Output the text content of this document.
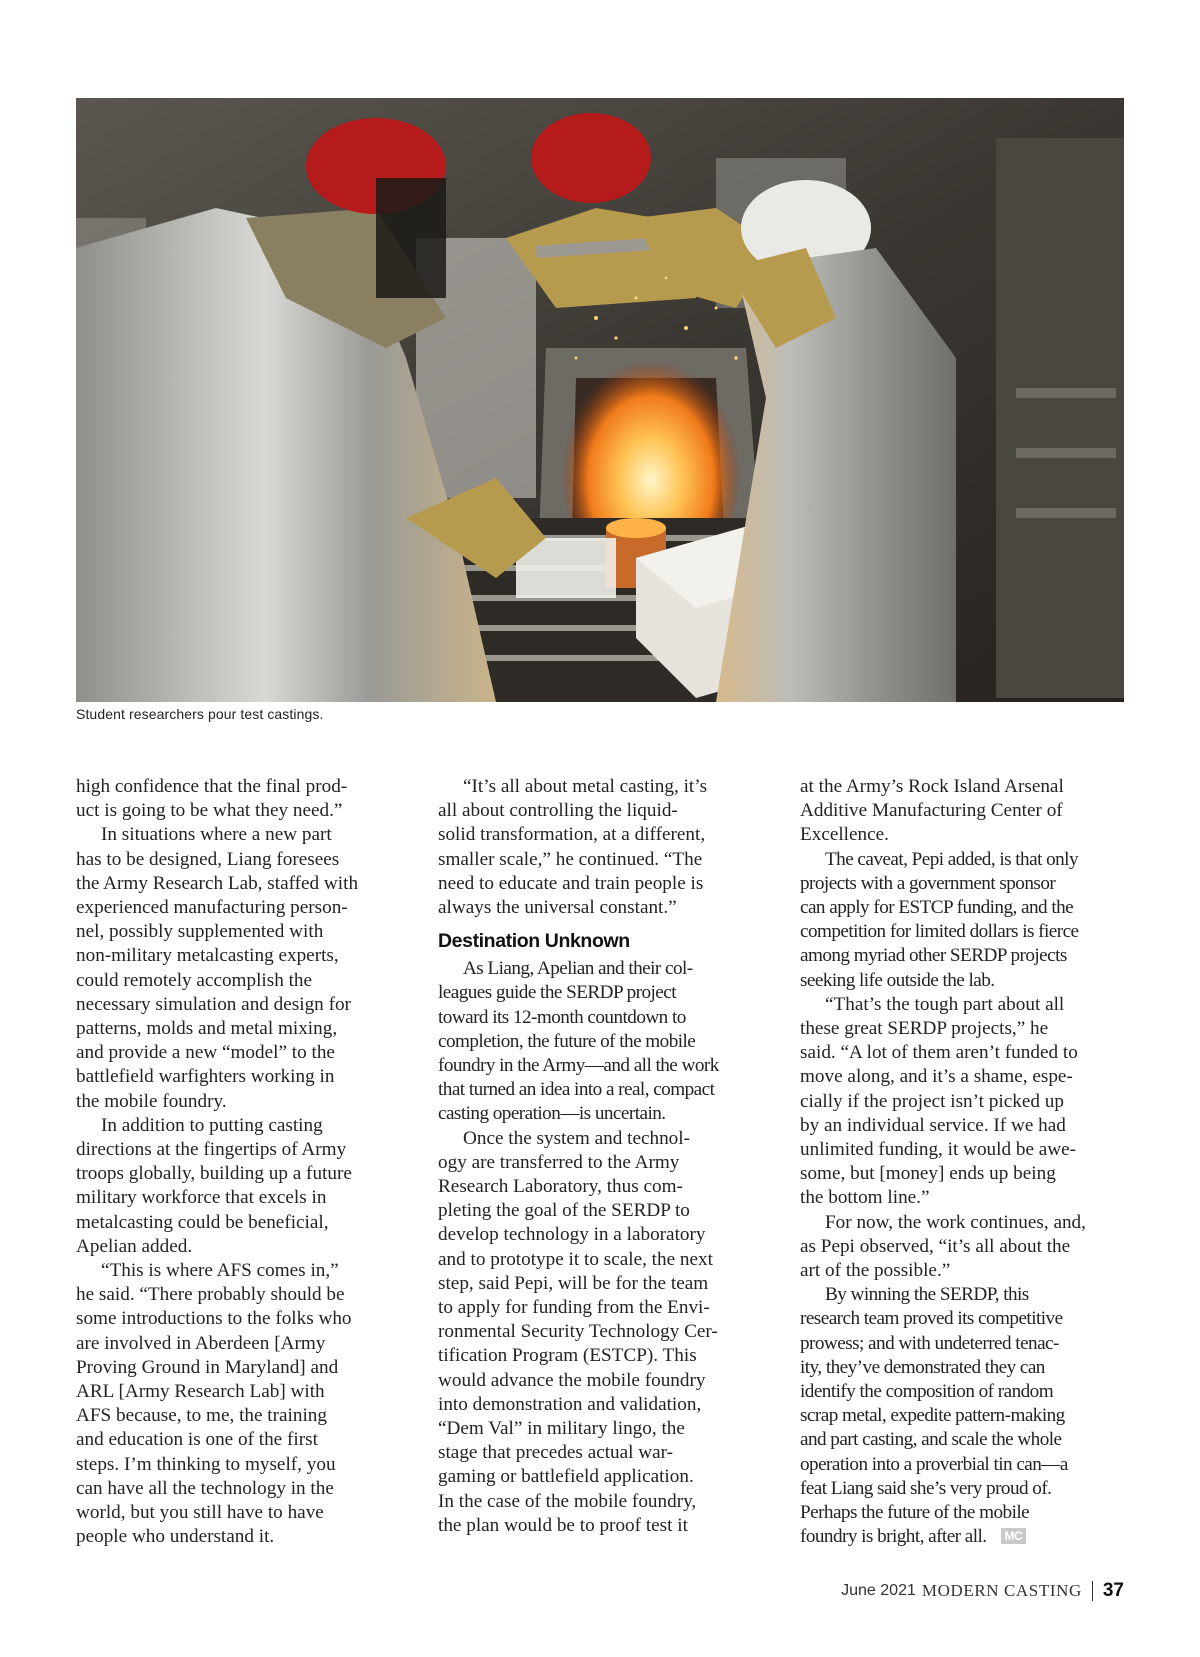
Student researchers pour test castings.

high confidence that the final prod-

uct is going to be what they need.”

In situations where a new part

has to be designed, Liang foresees

the Army Research Lab, staffed with

experienced manufacturing person-

nel, possibly supplemented with

non-military metalcasting experts,

could remotely accomplish the

necessary simulation and design for

patterns, molds and metal mixing,

and provide a new “model” to the

battlefield warfighters working in

the mobile foundry.

In addition to putting casting

directions at the fingertips of Army

troops globally, building up a future

military workforce that excels in

metalcasting could be beneficial,

Apelian added.

“This is where AFS comes in,”

he said. “There probably should be

some introductions to the folks who

are involved in Aberdeen [Army

Proving Ground in Maryland] and

ARL [Army Research Lab] with

AFS because, to me, the training

and education is one of the first

steps. I’m thinking to myself, you

can have all the technology in the

world, but you still have to have

people who understand it.

“It’s all about metal casting, it’s

all about controlling the liquid-

solid transformation, at a different,

smaller scale,” he continued. “The

need to educate and train people is

always the universal constant.”

Destination Unknown

As Liang, Apelian and their col-

leagues guide the SERDP project

toward its 12-month countdown to

completion, the future of the mobile

foundry in the Army—and all the work

that turned an idea into a real, compact

casting operation—is uncertain.

Once the system and technol-

ogy are transferred to the Army

Research Laboratory, thus com-

pleting the goal of the SERDP to

develop technology in a laboratory

and to prototype it to scale, the next

step, said Pepi, will be for the team

to apply for funding from the Envi-

ronmental Security Technology Cer-

tification Program (ESTCP). This

would advance the mobile foundry

into demonstration and validation,

“Dem Val” in military lingo, the

stage that precedes actual war-

gaming or battlefield application.

In the case of the mobile foundry,

the plan would be to proof test it

at the Army’s Rock Island Arsenal

Additive Manufacturing Center of

Excellence.

The caveat, Pepi added, is that only

projects with a government sponsor

can apply for ESTCP funding, and the

competition for limited dollars is fierce

among myriad other SERDP projects

seeking life outside the lab.

“That’s the tough part about all

these great SERDP projects,” he

said. “A lot of them aren’t funded to

move along, and it’s a shame, espe-

cially if the project isn’t picked up

by an individual service. If we had

unlimited funding, it would be awe-

some, but [money] ends up being

the bottom line.”

For now, the work continues, and,

as Pepi observed, “it’s all about the

art of the possible.”

By winning the SERDP, this

research team proved its competitive

prowess; and with undeterred tenac-

ity, they’ve demonstrated they can

identify the composition of random

scrap metal, expedite pattern-making

and part casting, and scale the whole

operation into a proverbial tin can—a

feat Liang said she’s very proud of.

Perhaps the future of the mobile

foundry is bright, after all. MC

June 2021 MODERN CASTING 37
